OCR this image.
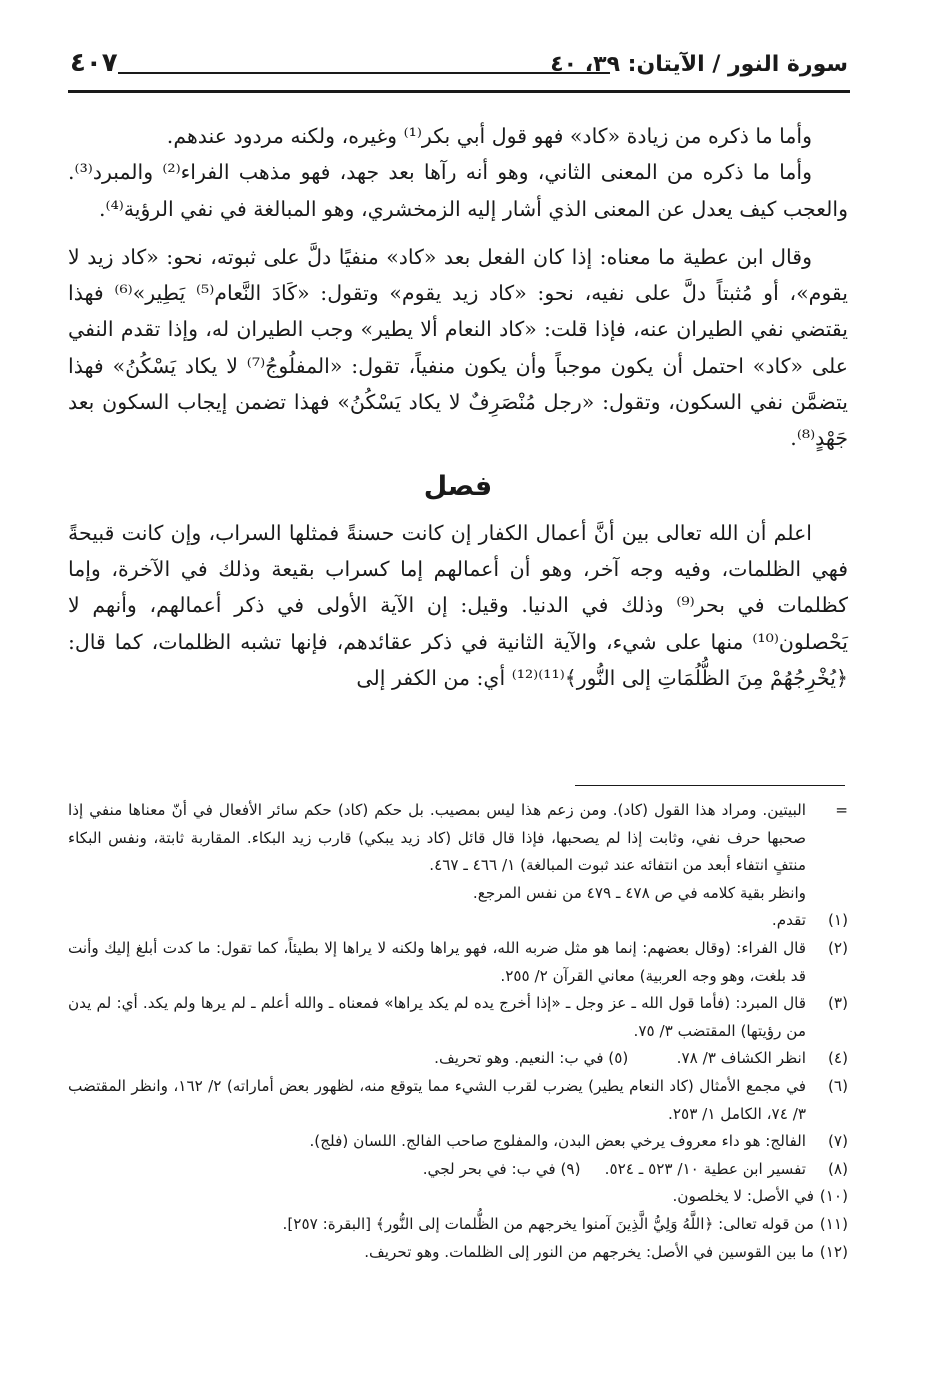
سورة النور / الآيتان: ٣٩، ٤٠
٤٠٧

وأما ما ذكره من زيادة «كاد» فهو قول أبي بكر⁽¹⁾ وغيره، ولكنه مردود عندهم.

وأما ما ذكره من المعنى الثاني، وهو أنه رآها بعد جهد، فهو مذهب الفراء⁽²⁾ والمبرد⁽³⁾. والعجب كيف يعدل عن المعنى الذي أشار إليه الزمخشري، وهو المبالغة في نفي الرؤية⁽⁴⁾.

وقال ابن عطية ما معناه: إذا كان الفعل بعد «كاد» منفيًا دلَّ على ثبوته، نحو: «كاد زيد لا يقوم»، أو مُثبتاً دلَّ على نفيه، نحو: «كاد زيد يقوم» وتقول: «كَادَ النَّعام⁽⁵⁾ يَطِير»⁽⁶⁾ فهذا يقتضي نفي الطيران عنه، فإذا قلت: «كاد النعام ألا يطير» وجب الطيران له، وإذا تقدم النفي على «كاد» احتمل أن يكون موجباً وأن يكون منفياً، تقول: «المفلُوجُ⁽⁷⁾ لا يكاد يَسْكُنُ» فهذا يتضمَّن نفي السكون، وتقول: «رجل مُنْصَرِفٌ لا يكاد يَسْكُنُ» فهذا تضمن إيجاب السكون بعد جَهْدٍ⁽⁸⁾.

فصل

اعلم أن الله تعالى بين أنَّ أعمال الكفار إن كانت حسنةً فمثلها السراب، وإن كانت قبيحةً فهي الظلمات، وفيه وجه آخر، وهو أن أعمالهم إما كسراب بقيعة وذلك في الآخرة، وإما كظلمات في بحر⁽⁹⁾ وذلك في الدنيا. وقيل: إن الآية الأولى في ذكر أعمالهم، وأنهم لا يَحْصلون⁽¹⁰⁾ منها على شيء، والآية الثانية في ذكر عقائدهم، فإنها تشبه الظلمات، كما قال: ﴿يُخْرِجُهُمْ مِنَ الظُّلُمَاتِ إلى النُّور﴾⁽¹¹⁾⁽¹²⁾ أي: من الكفر إلى

=
البيتين. ومراد هذا القول (كاد). ومن زعم هذا ليس بمصيب. بل حكم (كاد) حكم سائر الأفعال في أنّ معناها منفي إذا صحبها حرف نفي، وثابت إذا لم يصحبها، فإذا قال قائل (كاد زيد يبكي) قارب زيد البكاء. المقاربة ثابتة، ونفس البكاء منتفٍ انتفاء أبعد من انتفائه عند ثبوت المبالغة) ١/ ٤٦٦ ـ ٤٦٧.
وانظر بقية كلامه في ص ٤٧٨ ـ ٤٧٩ من نفس المرجع.
(١)
تقدم.
(٢)
قال الفراء: (وقال بعضهم: إنما هو مثل ضربه الله، فهو يراها ولكنه لا يراها إلا بطيئاً، كما تقول: ما كدت أبلغ إليك وأنت قد بلغت، وهو وجه العربية) معاني القرآن ٢/ ٢٥٥.
(٣)
قال المبرد: (فأما قول الله ـ عز وجل ـ «إذا أخرج يده لم يكد يراها» فمعناه ـ والله أعلم ـ لم يرها ولم يكد. أي: لم يدن من رؤيتها) المقتضب ٣/ ٧٥.
(٤)
انظر الكشاف ٣/ ٧٨.          (٥) في ب: النعيم. وهو تحريف.
(٦)
في مجمع الأمثال (كاد النعام يطير) يضرب لقرب الشيء مما يتوقع منه، لظهور بعض أماراته) ٢/ ١٦٢، وانظر المقتضب ٣/ ٧٤، الكامل ١/ ٢٥٣.
(٧)
الفالج: هو داء معروف يرخي بعض البدن، والمفلوج صاحب الفالج. اللسان (فلج).
(٨)
تفسير ابن عطية ١٠/ ٥٢٣ ـ ٥٢٤.     (٩) في ب: في بحر لجي.
(١٠)
في الأصل: لا يخلصون.
(١١)
من قوله تعالى: ﴿اللَّهُ وَلِيُّ الَّذِينَ آمنوا يخرجهم من الظُّلمات إلى النُّور﴾ [البقرة: ٢٥٧].
(١٢)
ما بين القوسين في الأصل: يخرجهم من النور إلى الظلمات. وهو تحريف.
